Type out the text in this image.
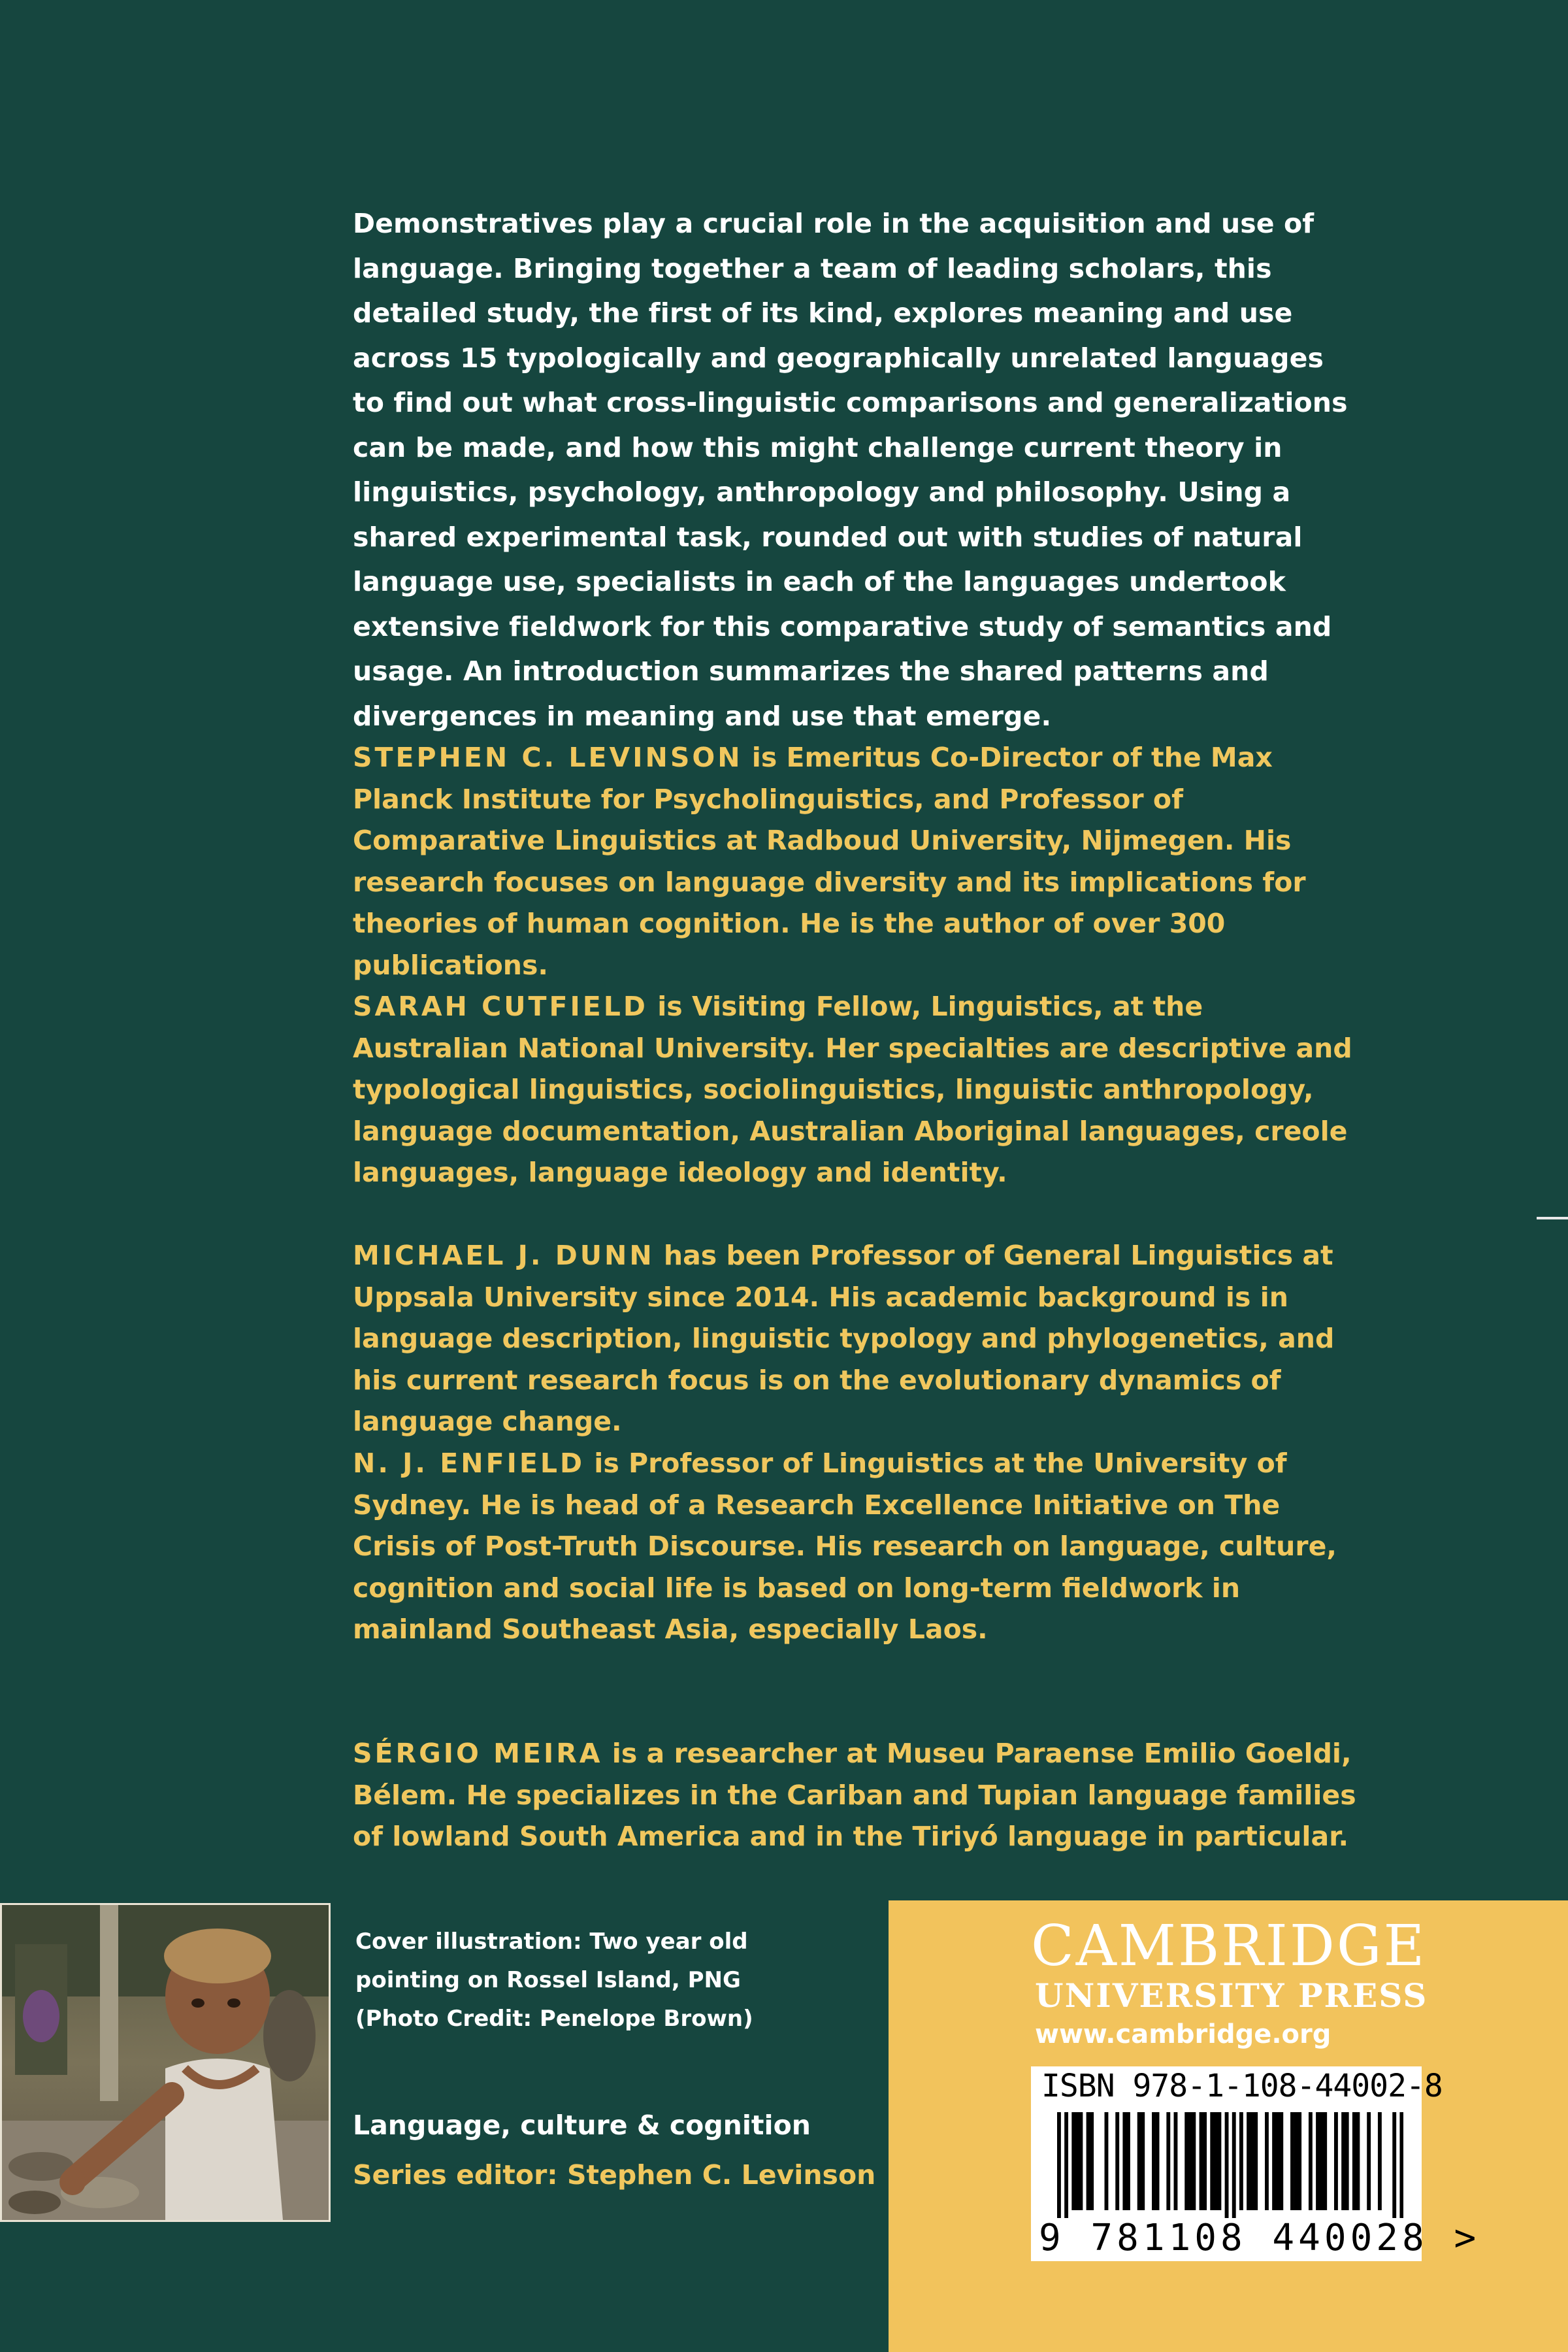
Demonstratives play a crucial role in the acquisition and use of language. Bringing together a team of leading scholars, this detailed study, the first of its kind, explores meaning and use across 15 typologically and geographically unrelated languages to find out what cross-linguistic comparisons and generalizations can be made, and how this might challenge current theory in linguistics, psychology, anthropology and philosophy. Using a shared experimental task, rounded out with studies of natural language use, specialists in each of the languages undertook extensive fieldwork for this comparative study of semantics and usage. An introduction summarizes the shared patterns and divergences in meaning and use that emerge.

STEPHEN C. LEVINSON is Emeritus Co-Director of the Max Planck Institute for Psycholinguistics, and Professor of Comparative Linguistics at Radboud University, Nijmegen. His research focuses on language diversity and its implications for theories of human cognition. He is the author of over 300 publications.

SARAH CUTFIELD is Visiting Fellow, Linguistics, at the Australian National University. Her specialties are descriptive and typological linguistics, sociolinguistics, linguistic anthropology, language documentation, Australian Aboriginal languages, creole languages, language ideology and identity.

MICHAEL J. DUNN has been Professor of General Linguistics at Uppsala University since 2014. His academic background is in language description, linguistic typology and phylogenetics, and his current research focus is on the evolutionary dynamics of language change.

N. J. ENFIELD is Professor of Linguistics at the University of Sydney. He is head of a Research Excellence Initiative on The Crisis of Post-Truth Discourse. His research on language, culture, cognition and social life is based on long-term fieldwork in mainland Southeast Asia, especially Laos.

SÉRGIO MEIRA is a researcher at Museu Paraense Emilio Goeldi, Bélem. He specializes in the Cariban and Tupian language families of lowland South America and in the Tiriyó language in particular.

Cover illustration: Two year old pointing on Rossel Island, PNG (Photo Credit: Penelope Brown)

Language, culture & cognition

Series editor: Stephen C. Levinson

CAMBRIDGE

UNIVERSITY PRESS

www.cambridge.org

ISBN 978-1-108-44002-8

9 781108 440028 >
